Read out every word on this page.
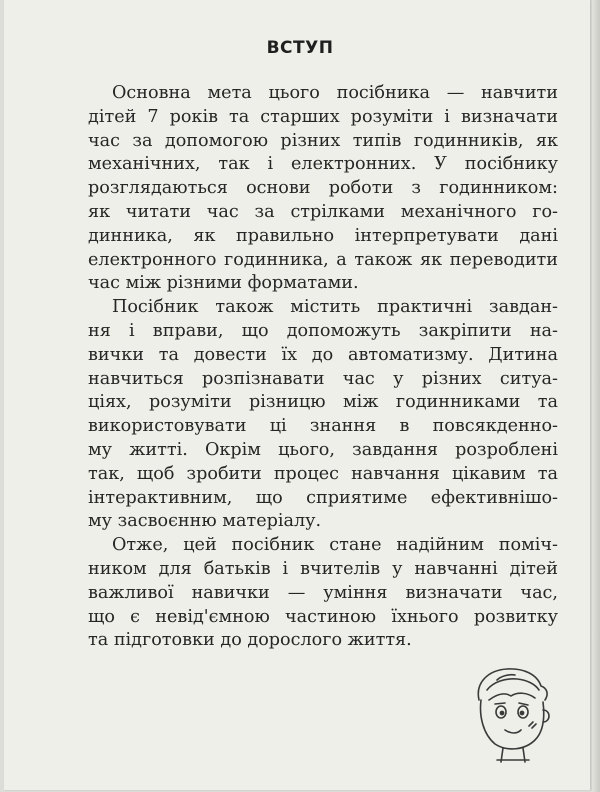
ВСТУП

Основна мета цього посібника — навчити
дітей 7 років та старших розуміти і визначати
час за допомогою різних типів годинників, як
механічних, так і електронних. У посібнику
розглядаються основи роботи з годинником:
як читати час за стрілками механічного го-
динника, як правильно інтерпретувати дані
електронного годинника, а також як переводити
час між різними форматами.

Посібник також містить практичні завдан-
ня і вправи, що допоможуть закріпити на-
вички та довести їх до автоматизму. Дитина
навчиться розпізнавати час у різних ситуа-
ціях, розуміти різницю між годинниками та
використовувати ці знання в повсякденно-
му житті. Окрім цього, завдання розроблені
так, щоб зробити процес навчання цікавим та
інтерактивним, що сприятиме ефективнішо-
му засвоєнню матеріалу.

Отже, цей посібник стане надійним поміч-
ником для батьків і вчителів у навчанні дітей
важливої навички — уміння визначати час,
що є невід'ємною частиною їхнього розвитку
та підготовки до дорослого життя.
